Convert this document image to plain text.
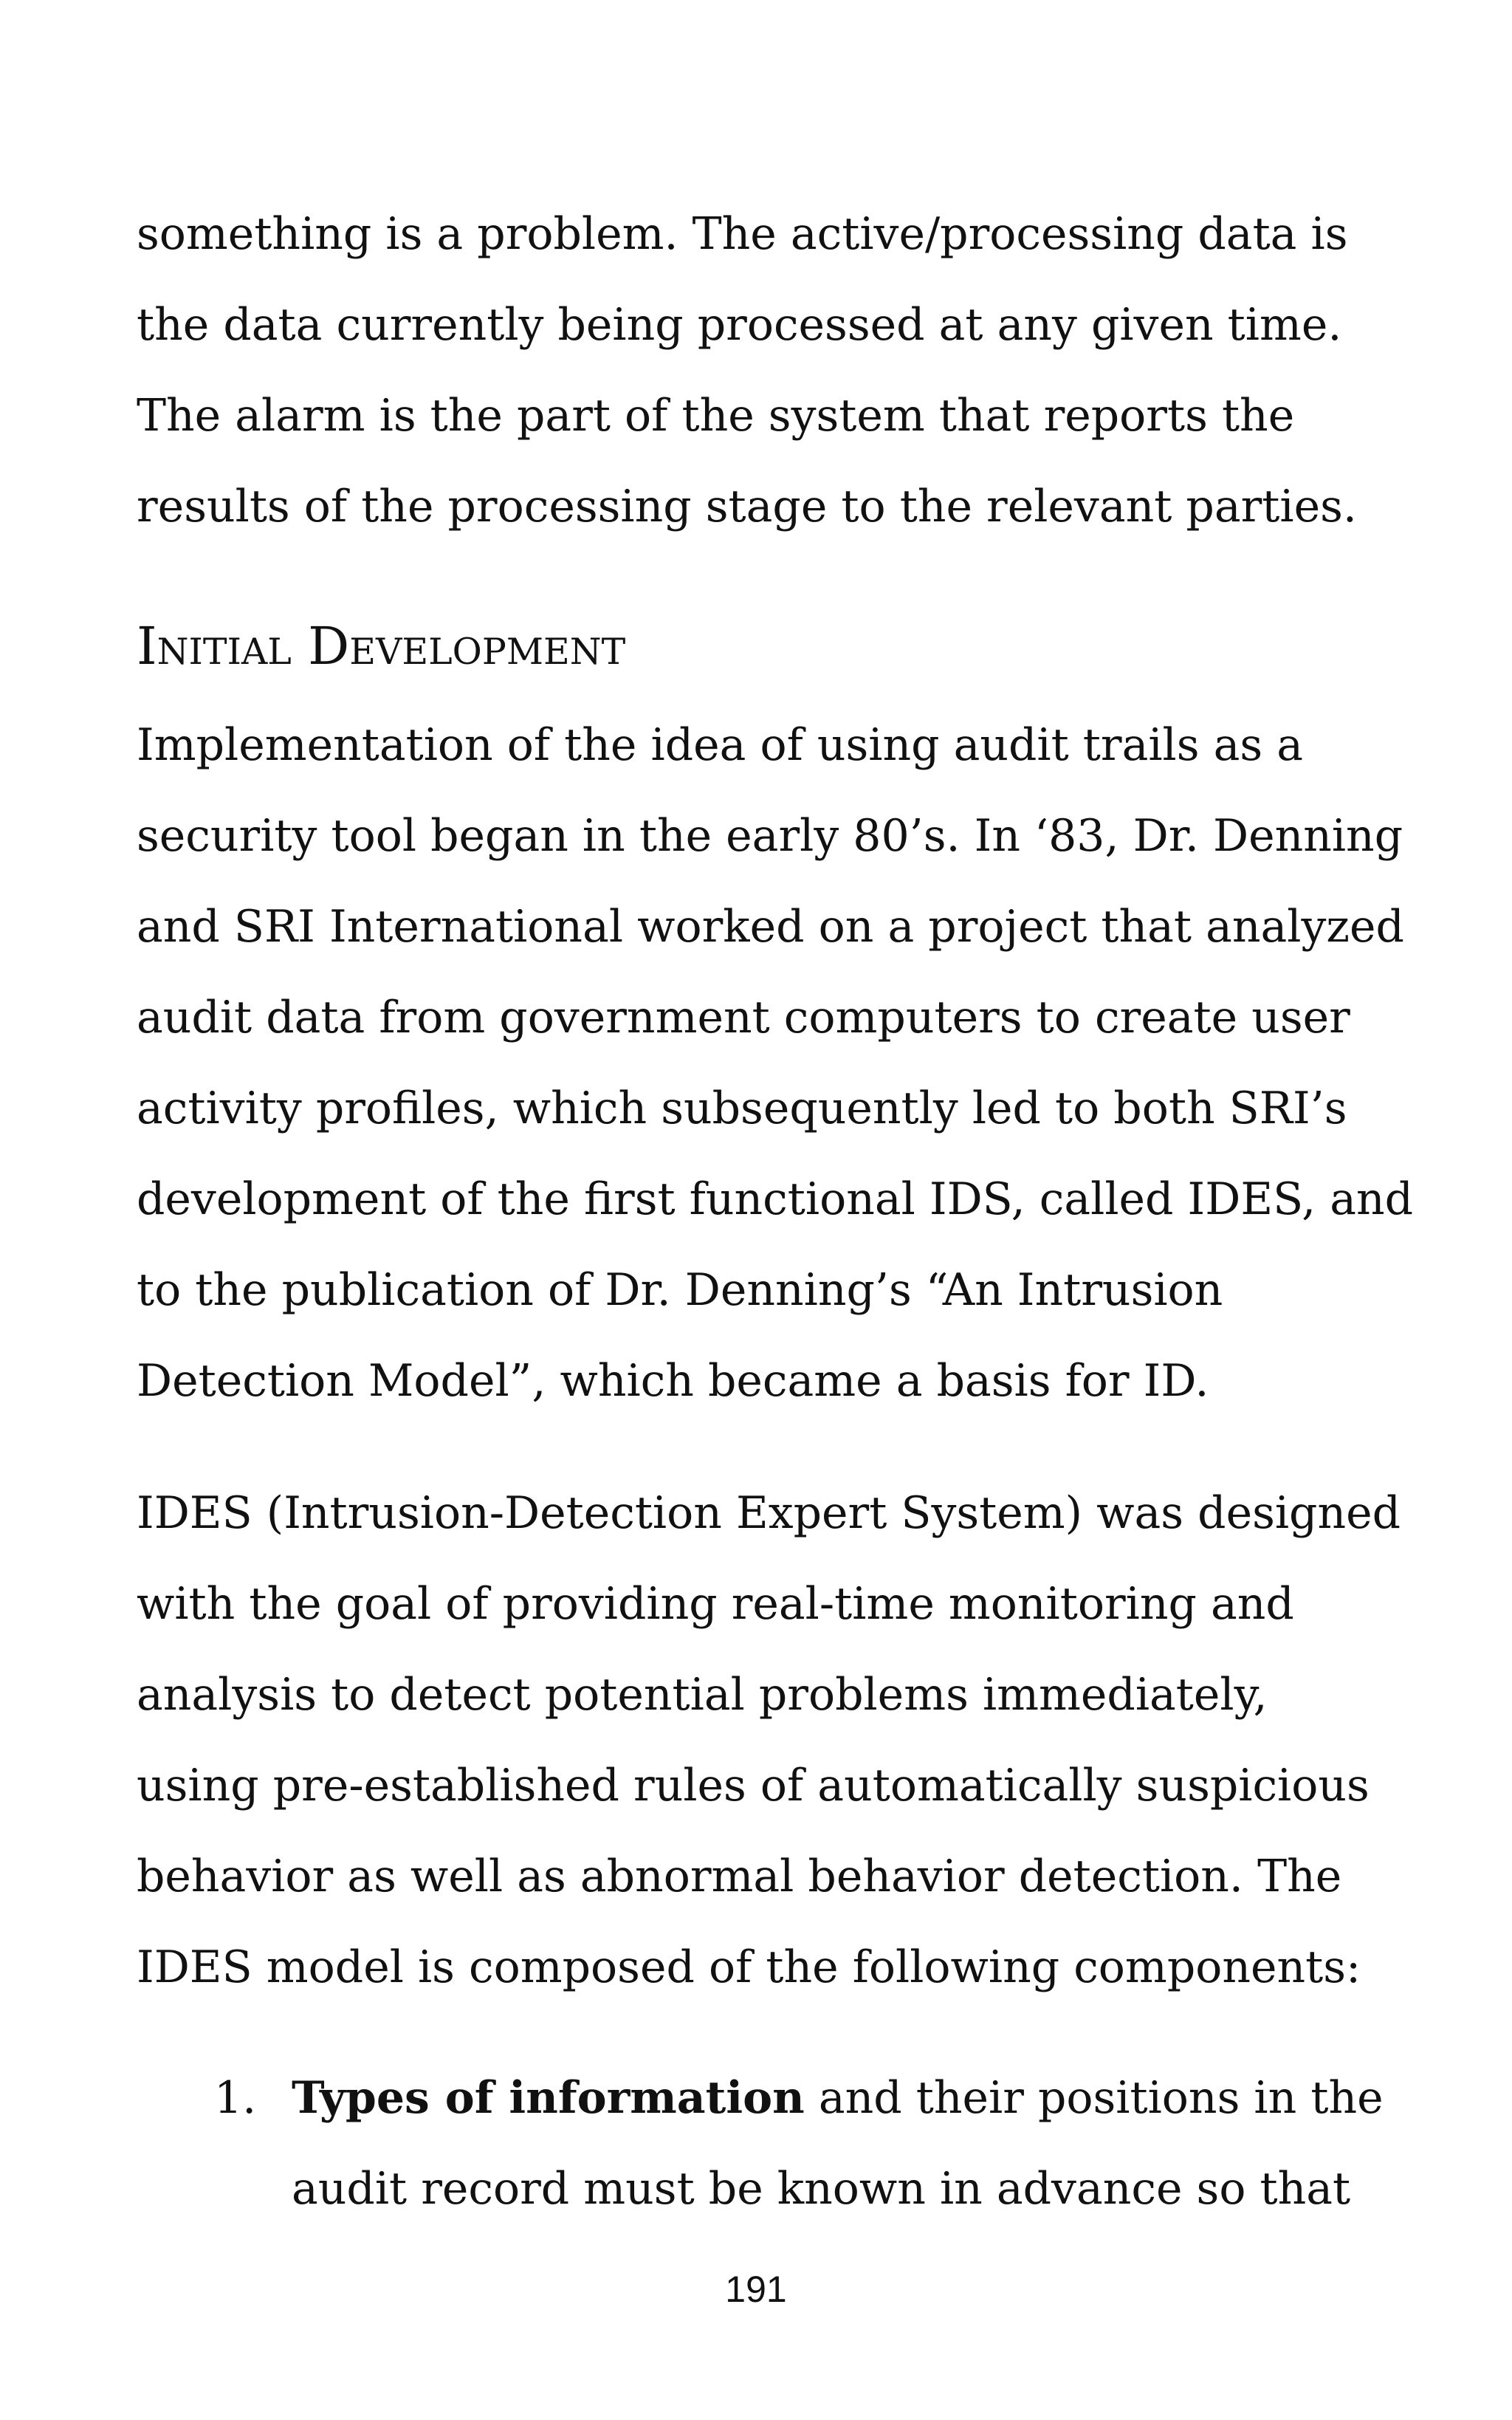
something is a problem. The active/processing data is
the data currently being processed at any given time.
The alarm is the part of the system that reports the
results of the processing stage to the relevant parties.

Initial Development

Implementation of the idea of using audit trails as a
security tool began in the early 80’s. In ‘83, Dr. Denning
and SRI International worked on a project that analyzed
audit data from government computers to create user
activity profiles, which subsequently led to both SRI’s
development of the first functional IDS, called IDES, and
to the publication of Dr. Denning’s “An Intrusion
Detection Model”, which became a basis for ID.

IDES (Intrusion-Detection Expert System) was designed
with the goal of providing real-time monitoring and
analysis to detect potential problems immediately,
using pre-established rules of automatically suspicious
behavior as well as abnormal behavior detection. The
IDES model is composed of the following components:

1. Types of information and their positions in the
audit record must be known in advance so that
191
